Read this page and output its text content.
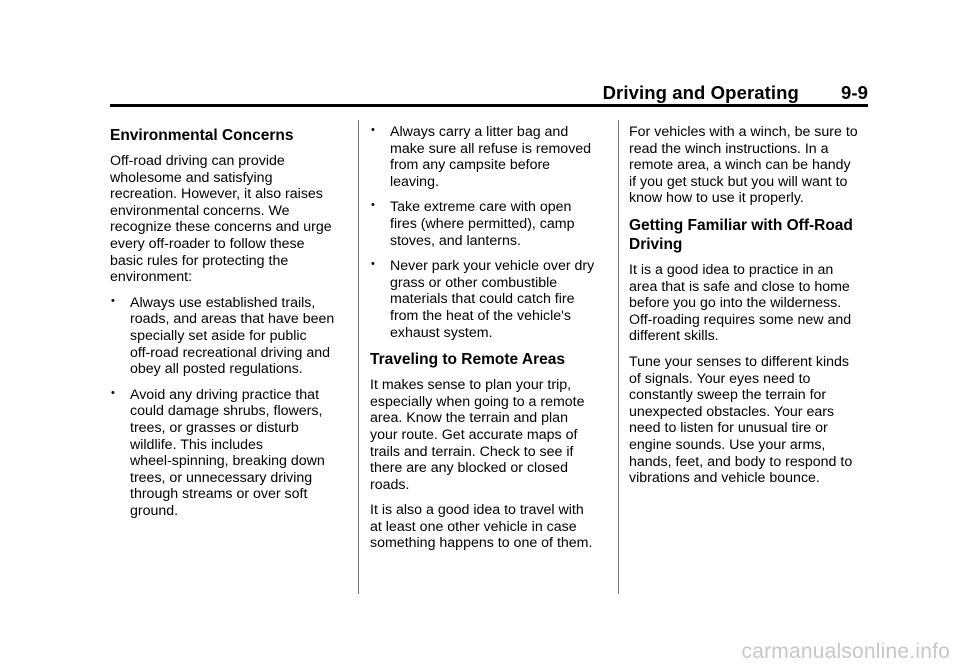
Driving and Operating 9-9
Environmental Concerns

Off-road driving can provide
wholesome and satisfying
recreation. However, it also raises
environmental concerns. We
recognize these concerns and urge
every off-roader to follow these
basic rules for protecting the
environment:

• Always use established trails,
roads, and areas that have been
specially set aside for public
off-road recreational driving and
obey all posted regulations.
• Avoid any driving practice that
could damage shrubs, flowers,
trees, or grasses or disturb
wildlife. This includes
wheel-spinning, breaking down
trees, or unnecessary driving
through streams or over soft
ground.
• Always carry a litter bag and
make sure all refuse is removed
from any campsite before
leaving.
• Take extreme care with open
fires (where permitted), camp
stoves, and lanterns.
• Never park your vehicle over dry
grass or other combustible
materials that could catch fire
from the heat of the vehicle's
exhaust system.
Traveling to Remote Areas

It makes sense to plan your trip,
especially when going to a remote
area. Know the terrain and plan
your route. Get accurate maps of
trails and terrain. Check to see if
there are any blocked or closed
roads.

It is also a good idea to travel with
at least one other vehicle in case
something happens to one of them.

For vehicles with a winch, be sure to
read the winch instructions. In a
remote area, a winch can be handy
if you get stuck but you will want to
know how to use it properly.

Getting Familiar with Off-Road
Driving

It is a good idea to practice in an
area that is safe and close to home
before you go into the wilderness.
Off-roading requires some new and
different skills.

Tune your senses to different kinds
of signals. Your eyes need to
constantly sweep the terrain for
unexpected obstacles. Your ears
need to listen for unusual tire or
engine sounds. Use your arms,
hands, feet, and body to respond to
vibrations and vehicle bounce.

carmanualsonline.info
